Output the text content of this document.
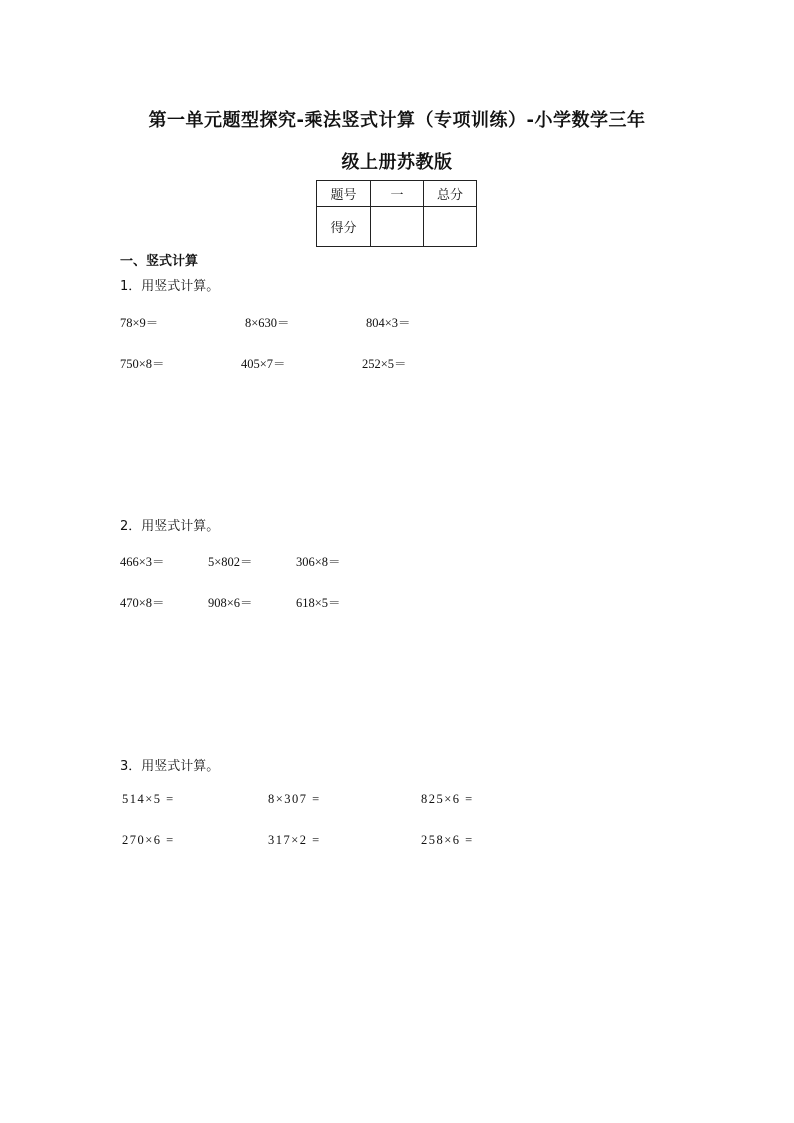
第一单元题型探究-乘法竖式计算（专项训练）-小学数学三年
级上册苏教版
题号	一	总分
得分		
一、竖式计算
1．用竖式计算。
78×9＝	8×630＝	804×3＝
750×8＝	405×7＝	252×5＝
2．用竖式计算。
466×3＝	5×802＝	306×8＝
470×8＝	908×6＝	618×5＝
3．用竖式计算。
514×5 =	8×307 =	825×6 =
270×6 =	317×2 =	258×6 =
